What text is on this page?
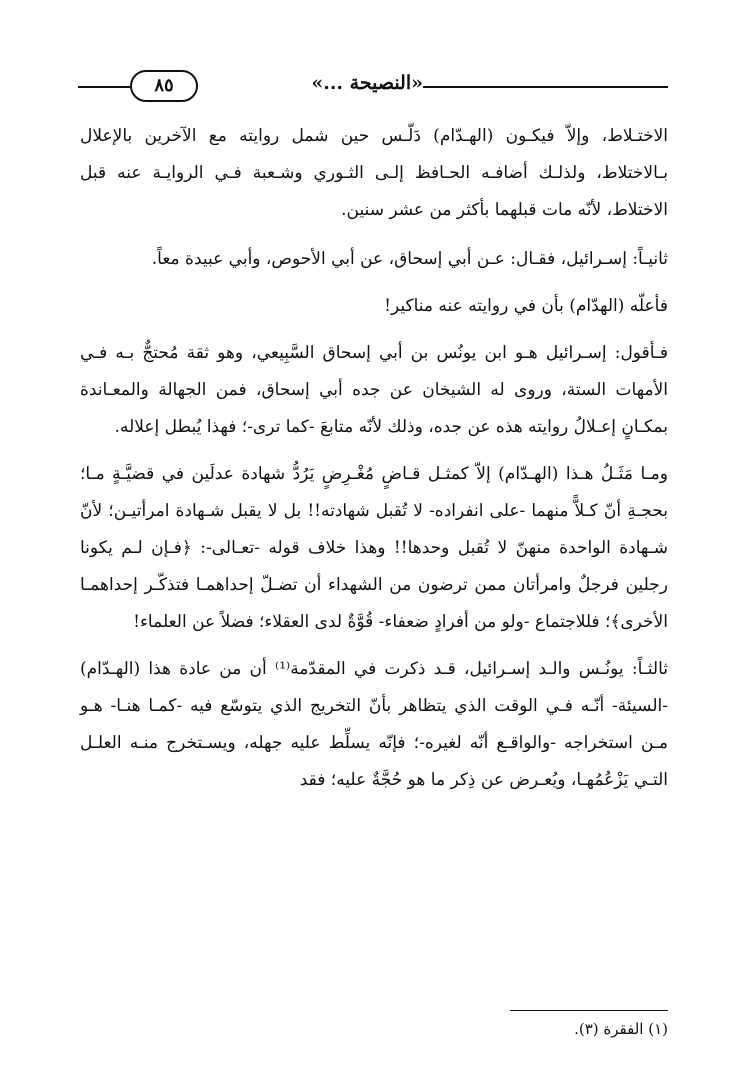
«النصيحة ...»
٨٥

الاختـلاط، وإلاّ فيكـون (الهـدّام) دَلّـس حين شمل روايته مع الآخرين بالإعلال بـالاختلاط، ولذلـك أضافـه الحـافظ إلـى الثـوري وشـعبة فـي الروايـة عنه قبل الاختلاط، لأنّه مات قبلهما بأكثر من عشر سنين.

ثانيـاً: إسـرائيل، فقـال: عـن أبي إسحاق، عن أبي الأحوص، وأبي عبيدة معاً.

فأعلّه (الهدّام) بأن في روايته عنه مناكير!

فـأقول: إسـرائيل هـو ابن يونُس بن أبي إسحاق السَّبِيعي، وهو ثقة مُحتجٌّ بـه فـي الأمهات الستة، وروى له الشيخان عن جده أبي إسحاق، فمن الجهالة والمعـاندة بمكـانٍ إعـلالُ روايته هذه عن جده، وذلك لأنّه متابعَ -كما ترى-؛ فهذا يُبطل إعلاله.

ومـا مَثَـلُ هـذا (الهـدّام) إلاّ كمثـل قـاضٍ مُغْـرِضٍ يَرُدُّ شهادة عدلَين في قضيَّـةٍ مـا؛ بحجـةِ أنّ كـلاًّ منهما -على انفراده- لا تُقبل شهادته!! بل لا يقبل شـهادة امرأتيـن؛ لأنّ شـهادة الواحدة منهنّ لا تُقبل وحدها!! وهذا خلاف قوله -تعـالى-: ﴿فـإن لـم يكونا رجلين فرجلٌ وامرأتان ممن ترضون من الشهداء أن تضـلّ إحداهمـا فتذكّـر إحداهمـا الأخرى﴾؛ فللاجتماع -ولو من أفرادٍ ضعفاء- قُوَّةٌ لدى العقلاء؛ فضلاً عن العلماء!

ثالثـاً: يونُـس والـد إسـرائيل، قـد ذكرت في المقدّمة⁽¹⁾ أن من عادة هذا (الهـدّام) -السيئة- أنّـه فـي الوقت الذي يتظاهر بأنّ التخريج الذي يتوسّع فيه -كمـا هنـا- هـو مـن استخراجه -والواقـع أنّه لغيره-؛ فإنّه يسلِّط عليه جهله، ويسـتخرج منـه العلـل التـي يَزْعُمُهـا، ويُعـرض عن ذِكر ما هو حُجَّةٌ عليه؛ فقد

(١) الفقرة (٣).
